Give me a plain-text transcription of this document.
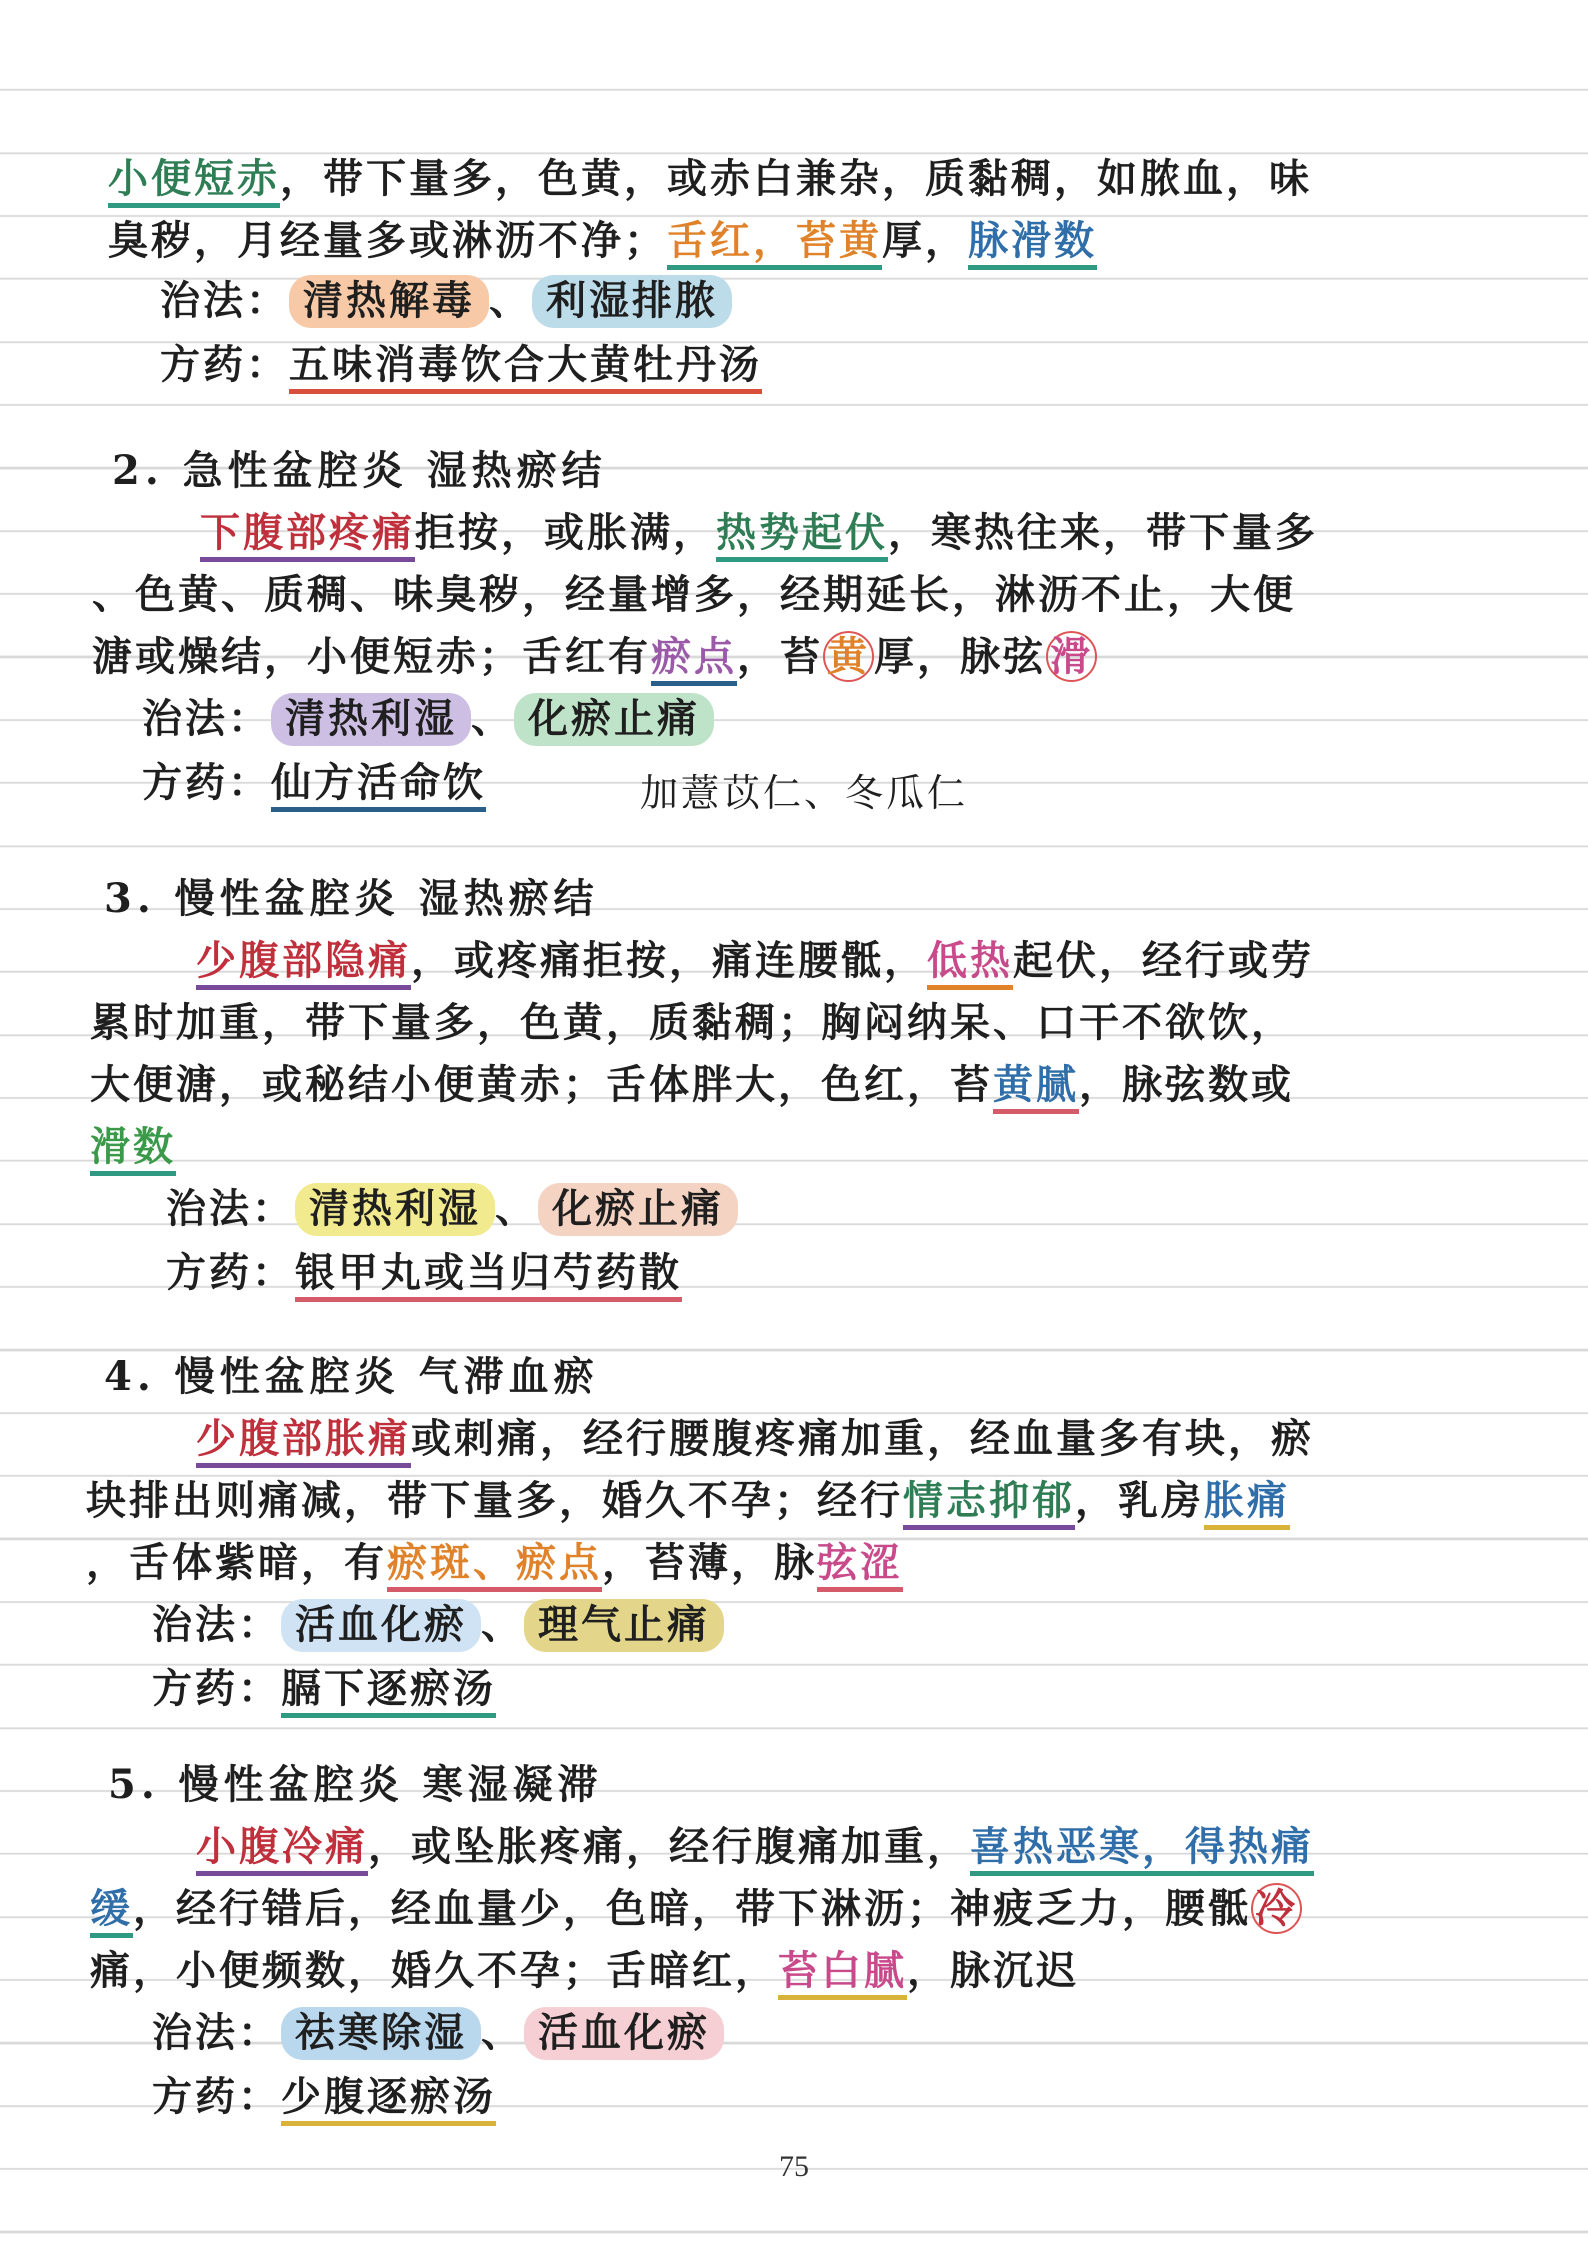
小便短赤，带下量多，色黄，或赤白兼杂，质黏稠，如脓血，味
臭秽，月经量多或淋沥不净；舌红，苔黄厚，脉滑数
治法： 清热解毒 、 利湿排脓
方药：五味消毒饮合大黄牡丹汤
2. 急性盆腔炎 湿热瘀结
下腹部疼痛拒按，或胀满，热势起伏，寒热往来，带下量多
、色黄、质稠、味臭秽，经量增多，经期延长，淋沥不止，大便
溏或燥结，小便短赤；舌红有瘀点，苔 黄 厚，脉弦 滑
治法： 清热利湿 、 化瘀止痛
方药：仙方活命饮	加薏苡仁、冬瓜仁
3. 慢性盆腔炎 湿热瘀结
少腹部隐痛，或疼痛拒按，痛连腰骶，低热起伏，经行或劳
累时加重，带下量多，色黄，质黏稠；胸闷纳呆、口干不欲饮，
大便溏，或秘结小便黄赤；舌体胖大，色红，苔黄腻，脉弦数或
滑数
治法： 清热利湿 、 化瘀止痛
方药：银甲丸或当归芍药散
4. 慢性盆腔炎 气滞血瘀
少腹部胀痛或刺痛，经行腰腹疼痛加重，经血量多有块，瘀
块排出则痛减，带下量多，婚久不孕；经行情志抑郁，乳房胀痛
，舌体紫暗，有瘀斑、瘀点，苔薄，脉弦涩
治法： 活血化瘀 、 理气止痛
方药：膈下逐瘀汤
5. 慢性盆腔炎 寒湿凝滞
小腹冷痛，或坠胀疼痛，经行腹痛加重，喜热恶寒，得热痛
缓，经行错后，经血量少，色暗，带下淋沥；神疲乏力，腰骶 冷
痛，小便频数，婚久不孕；舌暗红，苔白腻，脉沉迟
治法： 祛寒除湿 、 活血化瘀
方药：少腹逐瘀汤
75
